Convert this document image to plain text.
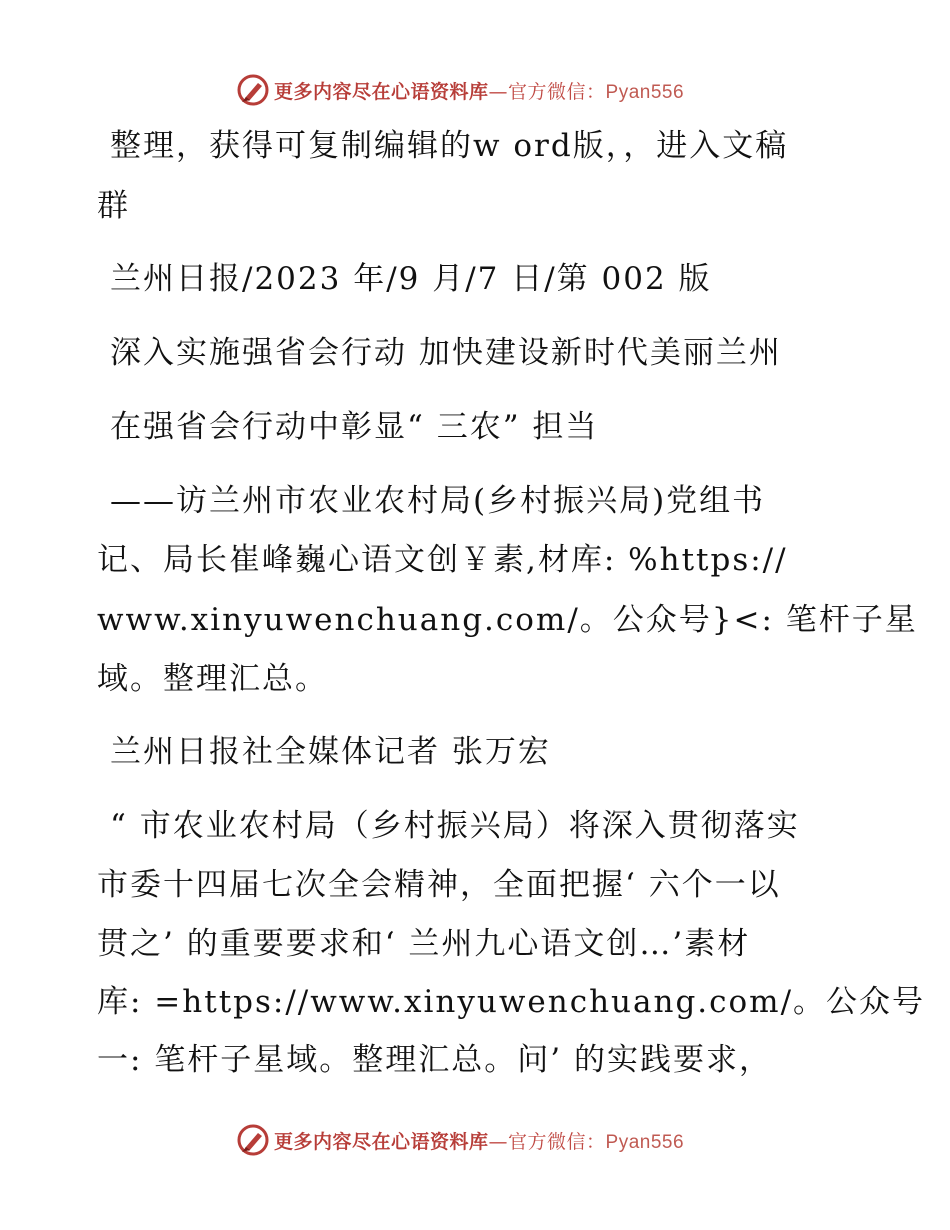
更多内容尽在心语资料库—官方微信：Pyan556
整理，获得可复制编辑的w ord版，，进入文稿
群
兰州日报/2023 年/9 月/7 日/第 002 版
深入实施强省会行动 加快建设新时代美丽兰州
在强省会行动中彰显“ 三农” 担当
——访兰州市农业农村局(乡村振兴局)党组书
记、局长崔峰巍心语文创￥素,材库: %https://
www.xinyuwenchuang.com/。公众号}<: 笔杆子星
域。整理汇总。
兰州日报社全媒体记者 张万宏
“ 市农业农村局（乡村振兴局）将深入贯彻落实
市委十四届七次全会精神，全面把握‘ 六个一以
贯之’ 的重要要求和‘ 兰州九心语文创…’素材
库: =https://www.xinyuwenchuang.com/。公众号
一: 笔杆子星域。整理汇总。问’ 的实践要求，
更多内容尽在心语资料库—官方微信：Pyan556
